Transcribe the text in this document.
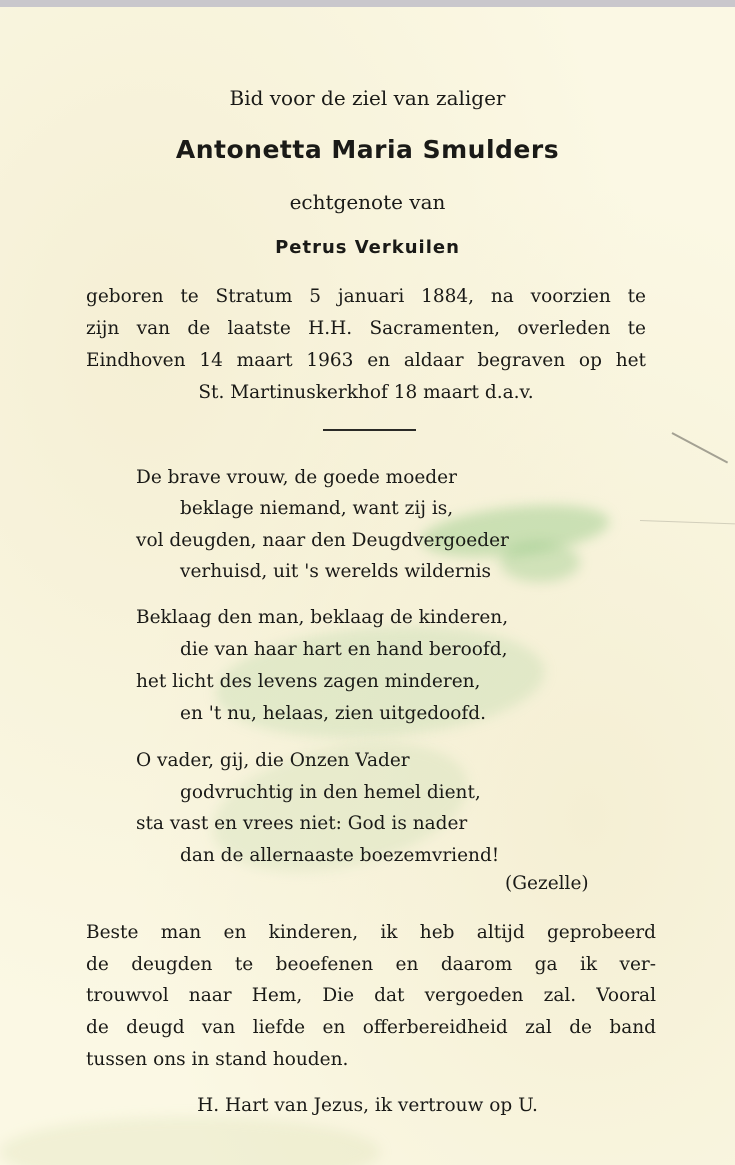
Bid voor de ziel van zaliger
Antonetta Maria Smulders
echtgenote van
Petrus Verkuilen
geboren te Stratum 5 januari 1884, na voorzien te
zijn van de laatste H.H. Sacramenten, overleden te
Eindhoven 14 maart 1963 en aldaar begraven op het
St. Martinuskerkhof 18 maart d.a.v.
De brave vrouw, de goede moeder
beklage niemand, want zij is,
vol deugden, naar den Deugdvergoeder
verhuisd, uit 's werelds wildernis
Beklaag den man, beklaag de kinderen,
die van haar hart en hand beroofd,
het licht des levens zagen minderen,
en 't nu, helaas, zien uitgedoofd.
O vader, gij, die Onzen Vader
godvruchtig in den hemel dient,
sta vast en vrees niet: God is nader
dan de allernaaste boezemvriend!
(Gezelle)
Beste man en kinderen, ik heb altijd geprobeerd
de deugden te beoefenen en daarom ga ik ver-
trouwvol naar Hem, Die dat vergoeden zal. Vooral
de deugd van liefde en offerbereidheid zal de band
tussen ons in stand houden.
H. Hart van Jezus, ik vertrouw op U.
